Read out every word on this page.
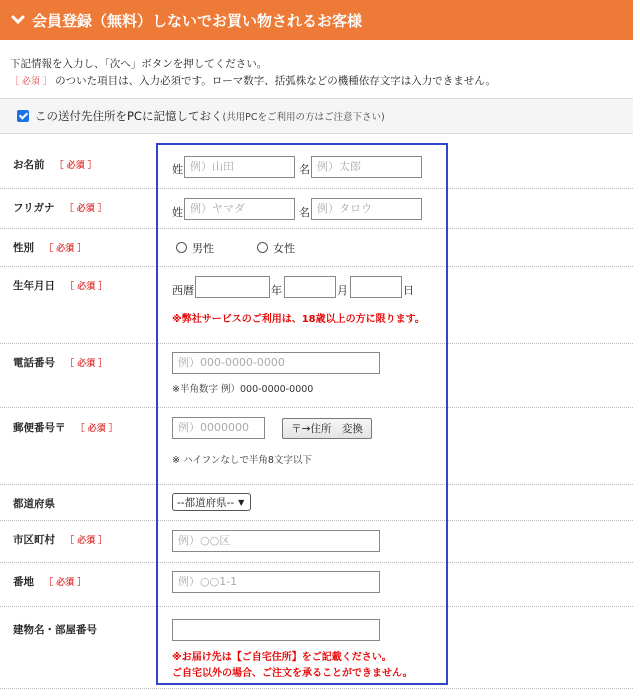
会員登録（無料）しないでお買い物されるお客様
下記情報を入力し、「次へ」ボタンを押してください。
［ 必須 ］ のついた項目は、入力必須です。ローマ数字、括弧株などの機種依存文字は入力できません。
この送付先住所をPCに記憶しておく (共用PCをご利用の方はご注意下さい)
お名前 ［ 必須 ］	姓 例）山田	名 例）太郎
フリガナ ［ 必須 ］	姓 例）ヤマダ	名 例）タロウ
性別 ［ 必須 ］	男性	女性
生年月日 ［ 必須 ］	西暦	年	月	日
※弊社サービスのご利用は、18歳以上の方に限ります。
電話番号 ［ 必須 ］	例）000-0000-0000
※半角数字 例）000-0000-0000
郵便番号〒 ［ 必須 ］	例）0000000	〒→住所　変換
※ ハイフンなしで半角8文字以下
都道府県	--都道府県-- ▼
市区町村 ［ 必須 ］	例）○○区
番地 ［ 必須 ］	例）○○1-1
建物名・部屋番号
※お届け先は【ご自宅住所】をご記載ください。
ご自宅以外の場合、ご注文を承ることができません。
